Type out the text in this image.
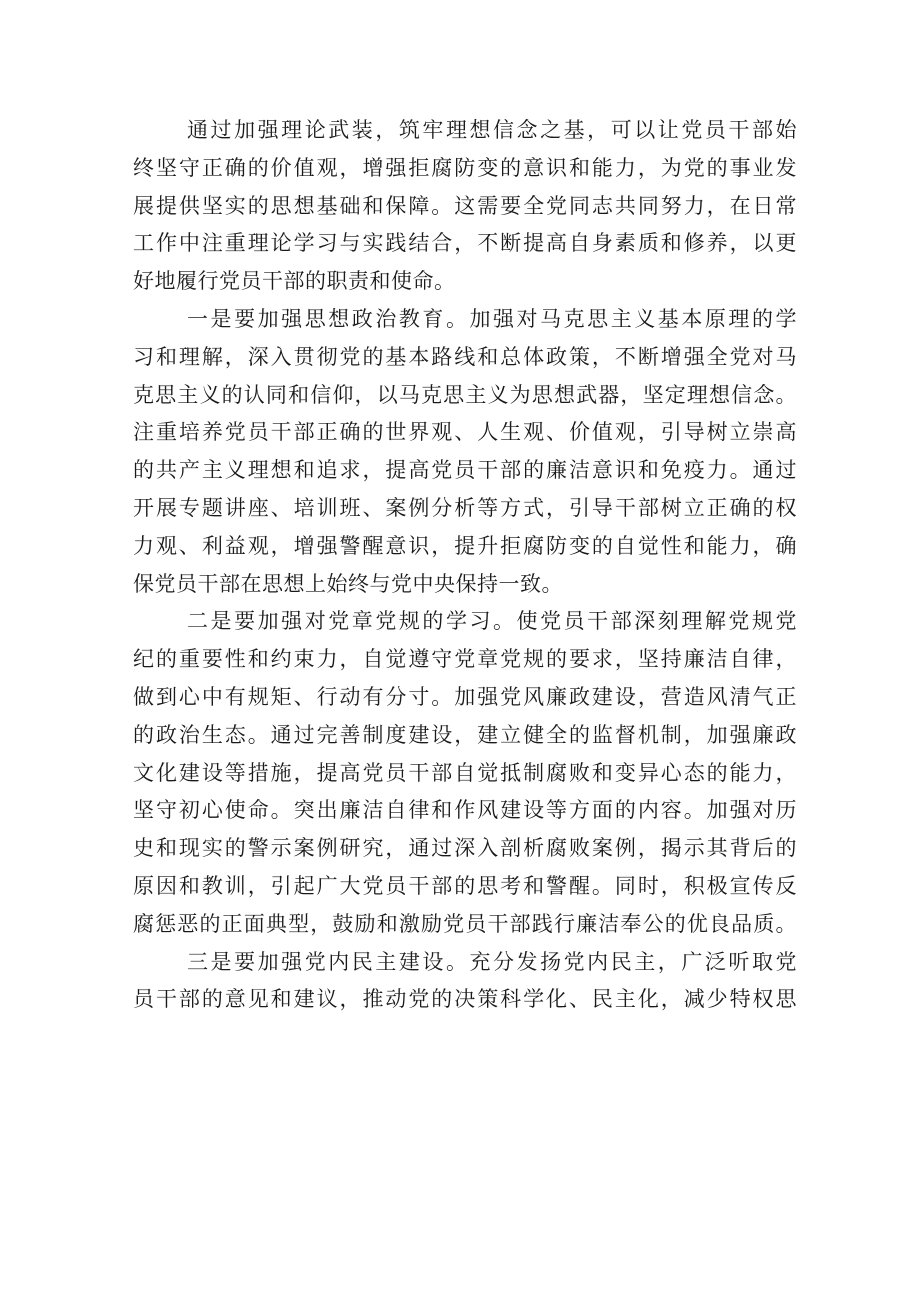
通过加强理论武装，筑牢理想信念之基，可以让党员干部始
终坚守正确的价值观，增强拒腐防变的意识和能力，为党的事业发
展提供坚实的思想基础和保障。这需要全党同志共同努力，在日常
工作中注重理论学习与实践结合，不断提高自身素质和修养，以更
好地履行党员干部的职责和使命。
一是要加强思想政治教育。加强对马克思主义基本原理的学
习和理解，深入贯彻党的基本路线和总体政策，不断增强全党对马
克思主义的认同和信仰，以马克思主义为思想武器，坚定理想信念。
注重培养党员干部正确的世界观、人生观、价值观，引导树立崇高
的共产主义理想和追求，提高党员干部的廉洁意识和免疫力。通过
开展专题讲座、培训班、案例分析等方式，引导干部树立正确的权
力观、利益观，增强警醒意识，提升拒腐防变的自觉性和能力，确
保党员干部在思想上始终与党中央保持一致。
二是要加强对党章党规的学习。使党员干部深刻理解党规党
纪的重要性和约束力，自觉遵守党章党规的要求，坚持廉洁自律，
做到心中有规矩、行动有分寸。加强党风廉政建设，营造风清气正
的政治生态。通过完善制度建设，建立健全的监督机制，加强廉政
文化建设等措施，提高党员干部自觉抵制腐败和变异心态的能力，
坚守初心使命。突出廉洁自律和作风建设等方面的内容。加强对历
史和现实的警示案例研究，通过深入剖析腐败案例，揭示其背后的
原因和教训，引起广大党员干部的思考和警醒。同时，积极宣传反
腐惩恶的正面典型，鼓励和激励党员干部践行廉洁奉公的优良品质。
三是要加强党内民主建设。充分发扬党内民主，广泛听取党
员干部的意见和建议，推动党的决策科学化、民主化，减少特权思
